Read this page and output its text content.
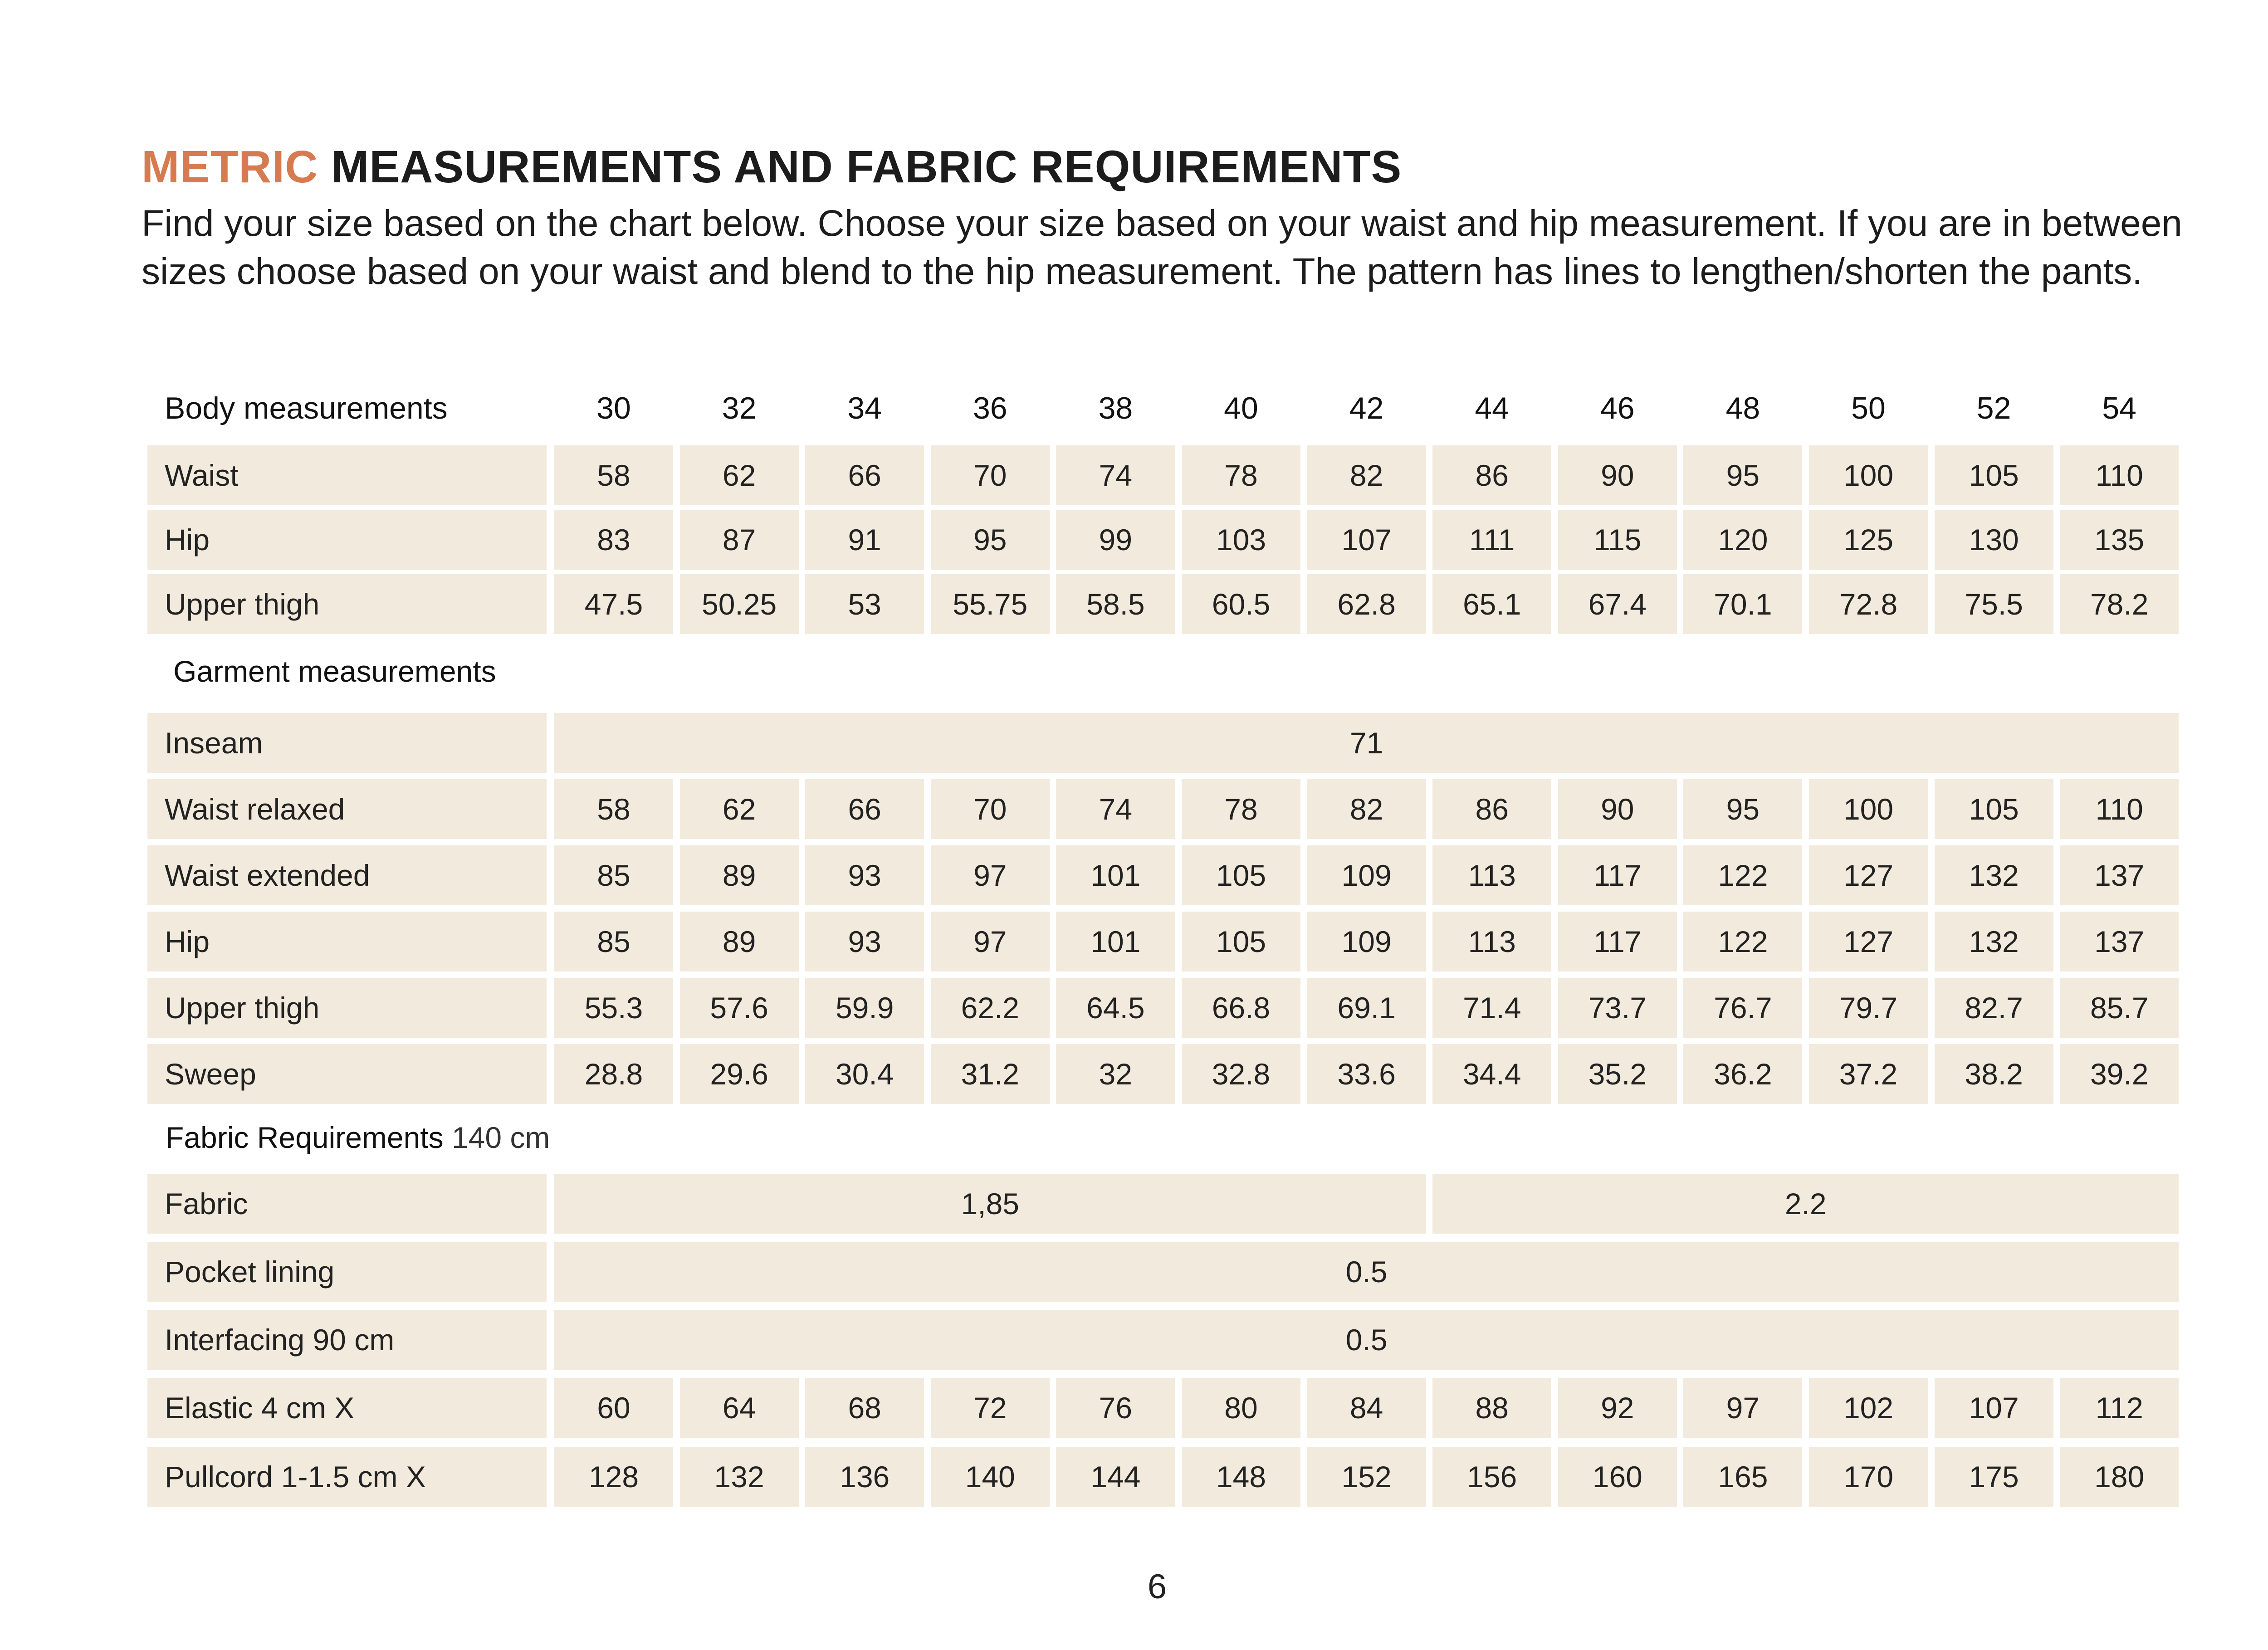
METRIC MEASUREMENTS AND FABRIC REQUIREMENTS

Find your size based on the chart below. Choose your size based on your waist and hip measurement. If you are in between sizes choose based on your waist and blend to the hip measurement. The pattern has lines to lengthen/shorten the pants.

Body measurements	30	32	34	36	38	40	42	44	46	48	50	52	54
Waist	58	62	66	70	74	78	82	86	90	95	100	105	110
Hip	83	87	91	95	99	103	107	111	115	120	125	130	135
Upper thigh	47.5	50.25	53	55.75	58.5	60.5	62.8	65.1	67.4	70.1	72.8	75.5	78.2
Garment measurements
Inseam	71
Waist relaxed	58	62	66	70	74	78	82	86	90	95	100	105	110
Waist extended	85	89	93	97	101	105	109	113	117	122	127	132	137
Hip	85	89	93	97	101	105	109	113	117	122	127	132	137
Upper thigh	55.3	57.6	59.9	62.2	64.5	66.8	69.1	71.4	73.7	76.7	79.7	82.7	85.7
Sweep	28.8	29.6	30.4	31.2	32	32.8	33.6	34.4	35.2	36.2	37.2	38.2	39.2
Fabric Requirements 140 cm
Fabric	1,85	2.2
Pocket lining	0.5
Interfacing 90 cm	0.5
Elastic 4 cm X	60	64	68	72	76	80	84	88	92	97	102	107	112
Pullcord 1-1.5 cm X	128	132	136	140	144	148	152	156	160	165	170	175	180
6
